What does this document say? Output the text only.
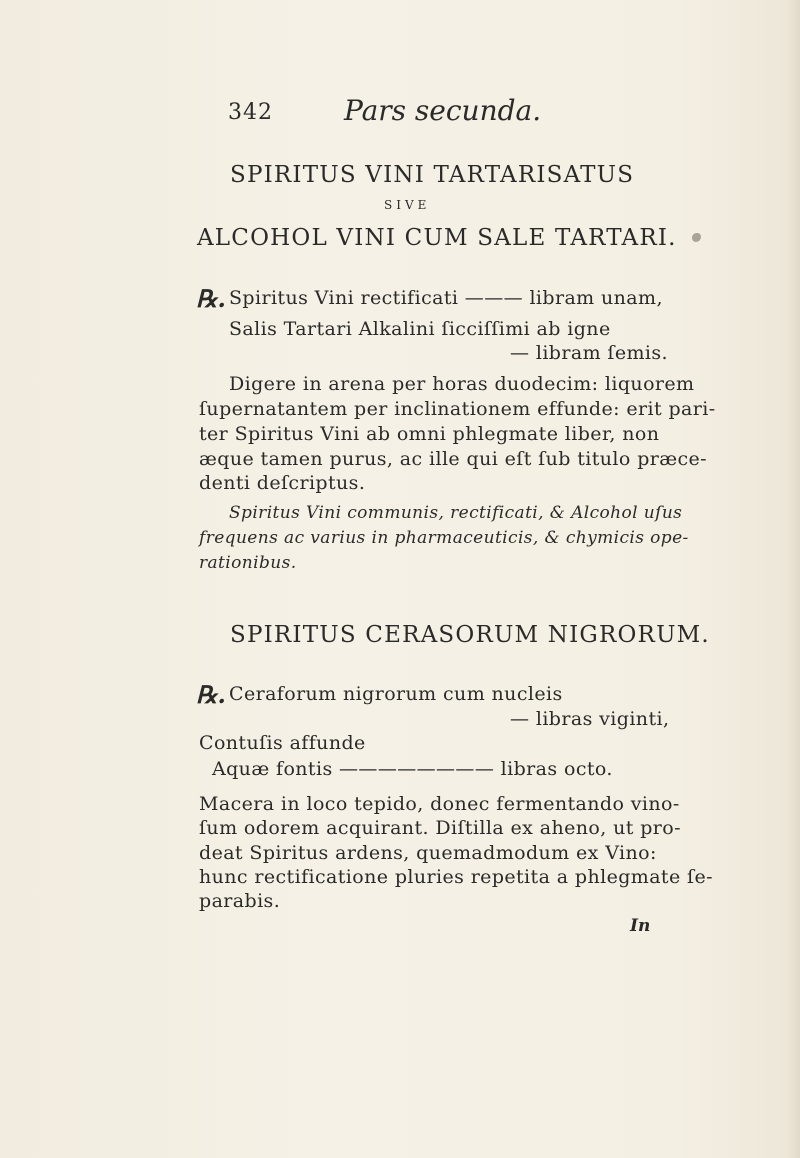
342	Pars secunda.
SPIRITUS VINI TARTARISATUS
SIVE
ALCOHOL VINI CUM SALE TARTARI.
℞. Spiritus Vini rectificati ——— libram unam,
Salis Tartari Alkalini ſicciſſimi ab igne
— libram ſemis.
Digere in arena per horas duodecim: liquorem
ſupernatantem per inclinationem effunde: erit pari-
ter Spiritus Vini ab omni phlegmate liber, non
æque tamen purus, ac ille qui eſt ſub titulo præce-
denti deſcriptus.
Spiritus Vini communis, rectificati, & Alcohol uſus
frequens ac varius in pharmaceuticis, & chymicis ope-
rationibus.
SPIRITUS CERASORUM NIGRORUM.
℞. Ceraforum nigrorum cum nucleis
— libras viginti,
Contuſis affunde
Aquæ fontis ———————— libras octo.
Macera in loco tepido, donec fermentando vino-
ſum odorem acquirant. Diſtilla ex aheno, ut pro-
deat Spiritus ardens, quemadmodum ex Vino:
hunc rectificatione pluries repetita a phlegmate ſe-
parabis.
In
